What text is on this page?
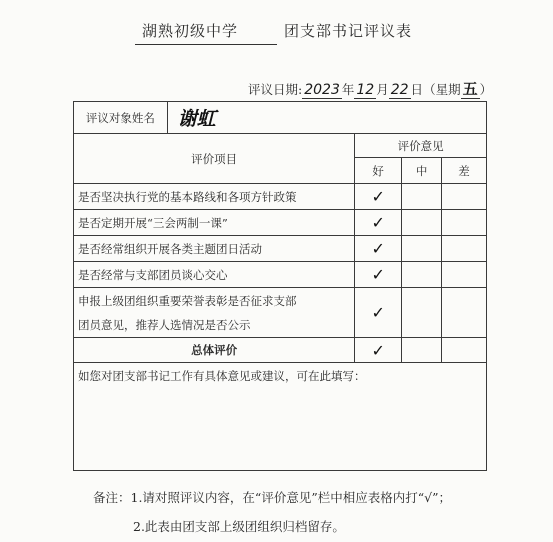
湖熟初级中学	团支部书记评议表
评议日期: 2023 年 12 月 22 日（星期 五 ）
评议对象姓名	谢虹			
评价项目		评价意见		
		好	中	差
是否坚决执行党的基本路线和各项方针政策		✓		
是否定期开展“三会两制一课”		✓		
是否经常组织开展各类主题团日活动		✓		
是否经常与支部团员谈心交心		✓		
申报上级团组织重要荣誉表彰是否征求支部
团员意见，推荐人选情况是否公示		✓		
总体评价		✓		
如您对团支部书记工作有具体意见或建议，可在此填写：				
备注：1.请对照评议内容，在“评价意见”栏中相应表格内打“√”；
2.此表由团支部上级团组织归档留存。
